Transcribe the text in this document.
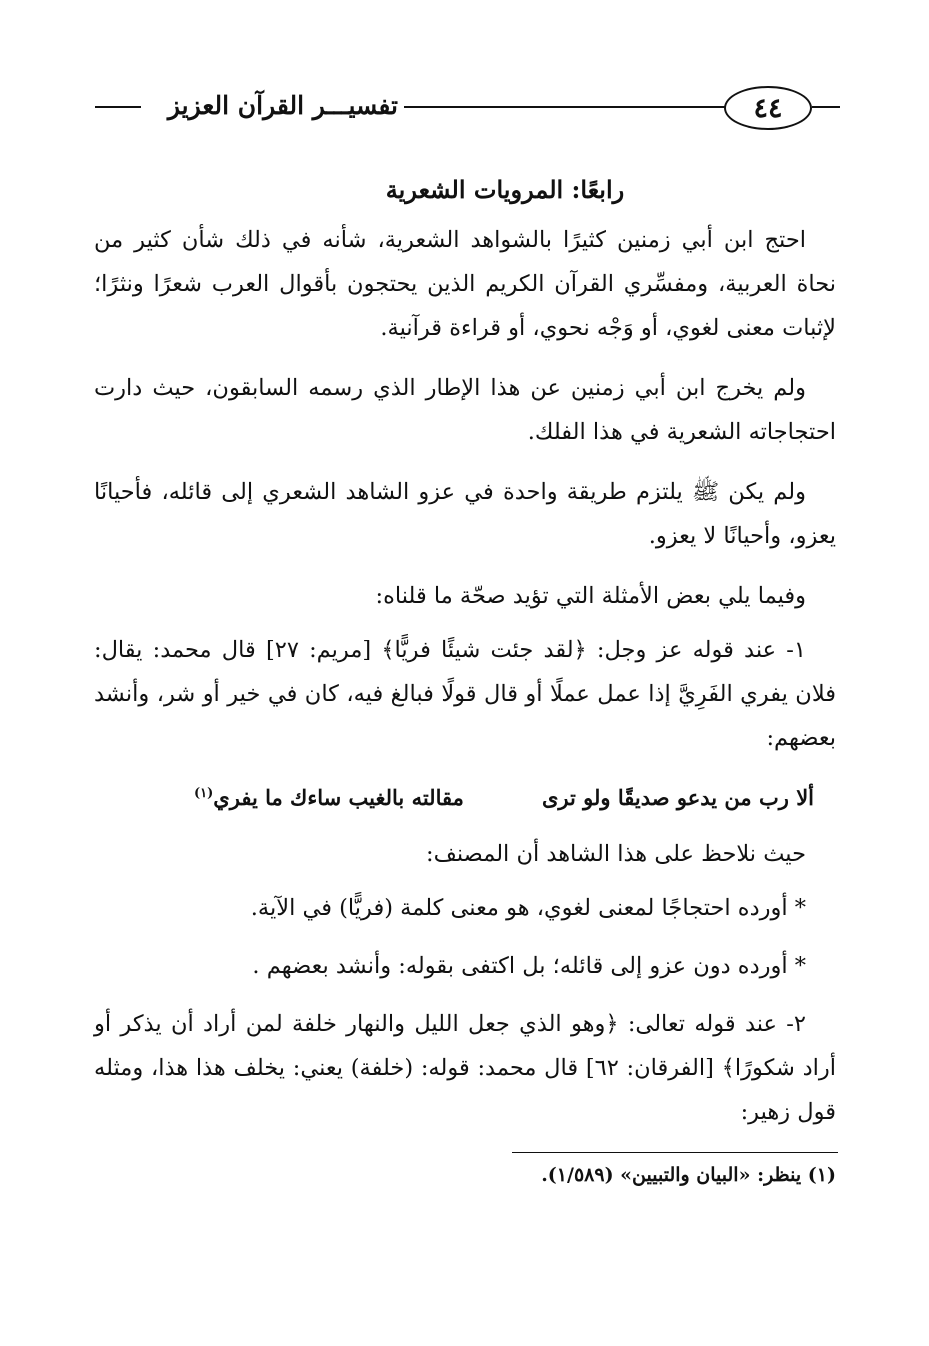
٤٤
تفسيـــر القرآن العزيز
رابعًا: المرويات الشعرية

احتج ابن أبي زمنين كثيرًا بالشواهد الشعرية، شأنه في ذلك شأن كثير من نحاة العربية، ومفسِّري القرآن الكريم الذين يحتجون بأقوال العرب شعرًا ونثرًا؛ لإثبات معنى لغوي، أو وَجْه نحوي، أو قراءة قرآنية.

ولم يخرج ابن أبي زمنين عن هذا الإطار الذي رسمه السابقون، حيث دارت احتجاجاته الشعرية في هذا الفلك.

ولم يكن ﷺ يلتزم طريقة واحدة في عزو الشاهد الشعري إلى قائله، فأحيانًا يعزو، وأحيانًا لا يعزو.

وفيما يلي بعض الأمثلة التي تؤيد صحّة ما قلناه:

١- عند قوله عز وجل: ﴿لقد جئت شيئًا فريًّا﴾ [مريم: ٢٧] قال محمد: يقال: فلان يفري الفَرِيَّ إذا عمل عملًا أو قال قولًا فبالغ فيه، كان في خير أو شر، وأنشد بعضهم:

ألا رب من يدعو صديقًا ولو ترى
مقالته بالغيب ساءك ما يفري$^{(١)}$

حيث نلاحظ على هذا الشاهد أن المصنف:

* أورده احتجاجًا لمعنى لغوي، هو معنى كلمة (فريًّا) في الآية.
* أورده دون عزو إلى قائله؛ بل اكتفى بقوله: وأنشد بعضهم .

٢- عند قوله تعالى: ﴿وهو الذي جعل الليل والنهار خلفة لمن أراد أن يذكر أو أراد شكورًا﴾ [الفرقان: ٦٢] قال محمد: قوله: (خلفة) يعني: يخلف هذا هذا، ومثله قول زهير:

(١) ينظر: «البيان والتبيين» (١/٥٨٩).
